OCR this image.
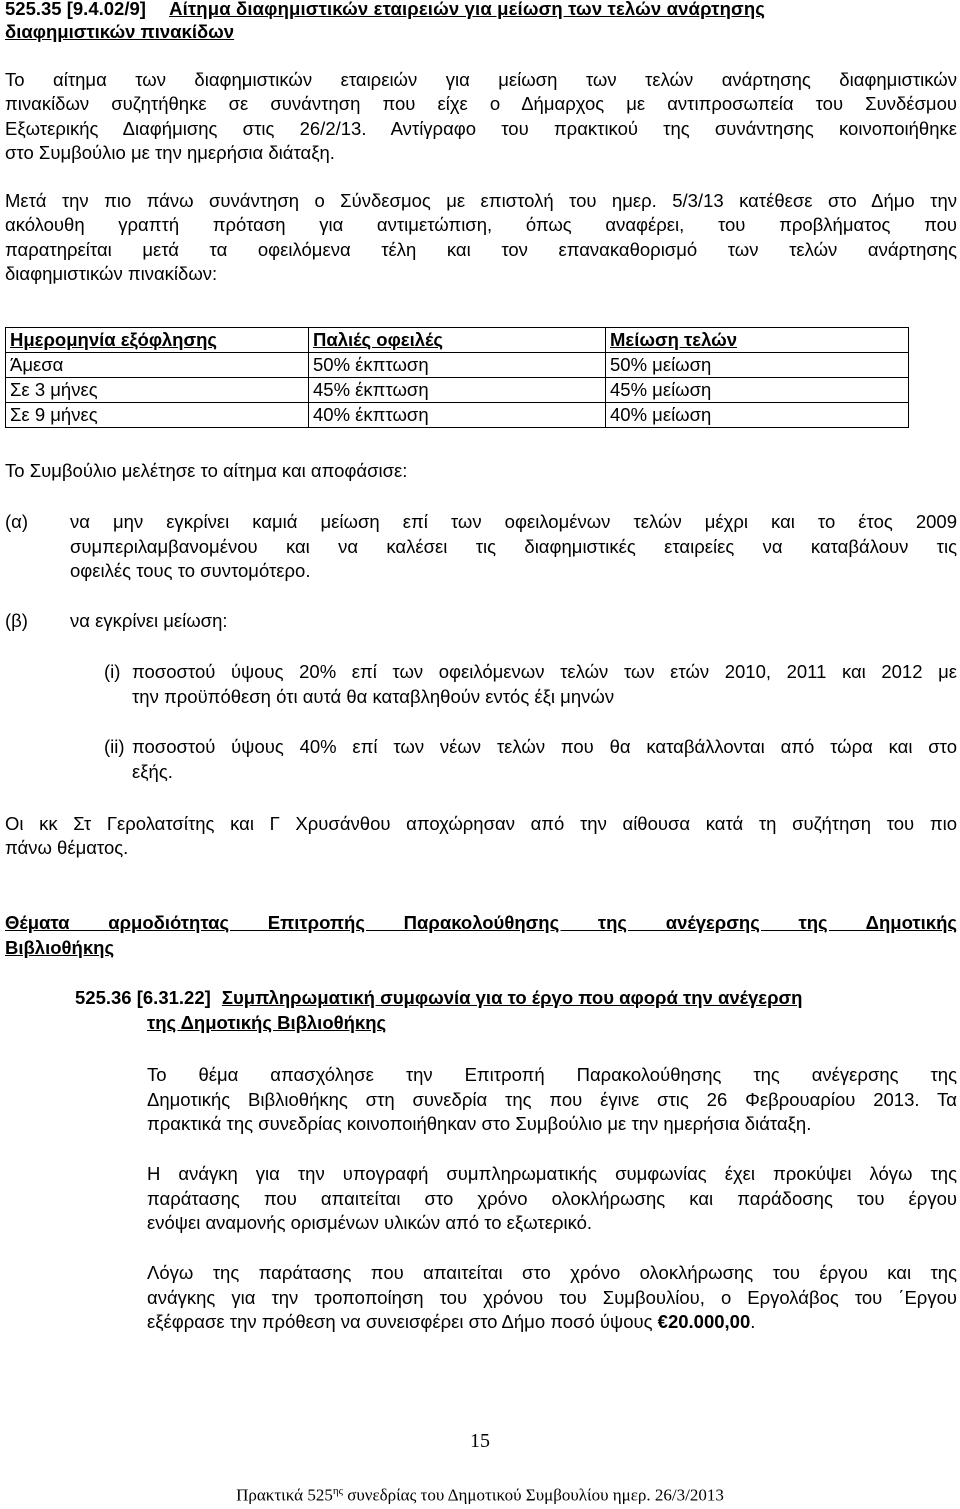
525.35 [9.4.02/9] Αίτημα διαφημιστικών εταιρειών για μείωση των τελών ανάρτησης
διαφημιστικών πινακίδων
Το αίτημα των διαφημιστικών εταιρειών για μείωση των τελών ανάρτησης διαφημιστικών
πινακίδων συζητήθηκε σε συνάντηση που είχε ο Δήμαρχος με αντιπροσωπεία του Συνδέσμου
Εξωτερικής Διαφήμισης στις 26/2/13. Αντίγραφο του πρακτικού της συνάντησης κοινοποιήθηκε
στο Συμβούλιο με την ημερήσια διάταξη.
Μετά την πιο πάνω συνάντηση ο Σύνδεσμος με επιστολή του ημερ. 5/3/13 κατέθεσε στο Δήμο την
ακόλουθη γραπτή πρόταση για αντιμετώπιση, όπως αναφέρει, του προβλήματος που
παρατηρείται μετά τα οφειλόμενα τέλη και τον επανακαθορισμό των τελών ανάρτησης
διαφημιστικών πινακίδων:
Ημερομηνία εξόφλησης	Παλιές οφειλές	Μείωση τελών
Άμεσα	50% έκπτωση	50% μείωση
Σε 3 μήνες	45% έκπτωση	45% μείωση
Σε 9 μήνες	40% έκπτωση	40% μείωση
Το Συμβούλιο μελέτησε το αίτημα και αποφάσισε:
(α)	να μην εγκρίνει καμιά μείωση επί των οφειλομένων τελών μέχρι και το έτος 2009
συμπεριλαμβανομένου και να καλέσει τις διαφημιστικές εταιρείες να καταβάλουν τις
οφειλές τους το συντομότερο.
(β)	να εγκρίνει μείωση:
(i) ποσοστού ύψους 20% επί των οφειλόμενων τελών των ετών 2010, 2011 και 2012 με
την προϋπόθεση ότι αυτά θα καταβληθούν εντός έξι μηνών
(ii) ποσοστού ύψους 40% επί των νέων τελών που θα καταβάλλονται από τώρα και στο
εξής.
Οι κκ Στ Γερολατσίτης και Γ Χρυσάνθου αποχώρησαν από την αίθουσα κατά τη συζήτηση του πιο
πάνω θέματος.
Θέματα αρμοδιότητας Επιτροπής Παρακολούθησης της ανέγερσης της Δημοτικής
Βιβλιοθήκης
525.36 [6.31.22] Συμπληρωματική συμφωνία για το έργο που αφορά την ανέγερση
της Δημοτικής Βιβλιοθήκης
Το θέμα απασχόλησε την Επιτροπή Παρακολούθησης της ανέγερσης της
Δημοτικής Βιβλιοθήκης στη συνεδρία της που έγινε στις 26 Φεβρουαρίου 2013. Τα
πρακτικά της συνεδρίας κοινοποιήθηκαν στο Συμβούλιο με την ημερήσια διάταξη.
Η ανάγκη για την υπογραφή συμπληρωματικής συμφωνίας έχει προκύψει λόγω της
παράτασης που απαιτείται στο χρόνο ολοκλήρωσης και παράδοσης του έργου
ενόψει αναμονής ορισμένων υλικών από το εξωτερικό.
Λόγω της παράτασης που απαιτείται στο χρόνο ολοκλήρωσης του έργου και της
ανάγκης για την τροποποίηση του χρόνου του Συμβουλίου, ο Εργολάβος του ΄Εργου
εξέφρασε την πρόθεση να συνεισφέρει στο Δήμο ποσό ύψους €20.000,00.
15
Πρακτικά $525^{\eta\varsigma}$ συνεδρίας του Δημοτικού Συμβουλίου ημερ. 26/3/2013
